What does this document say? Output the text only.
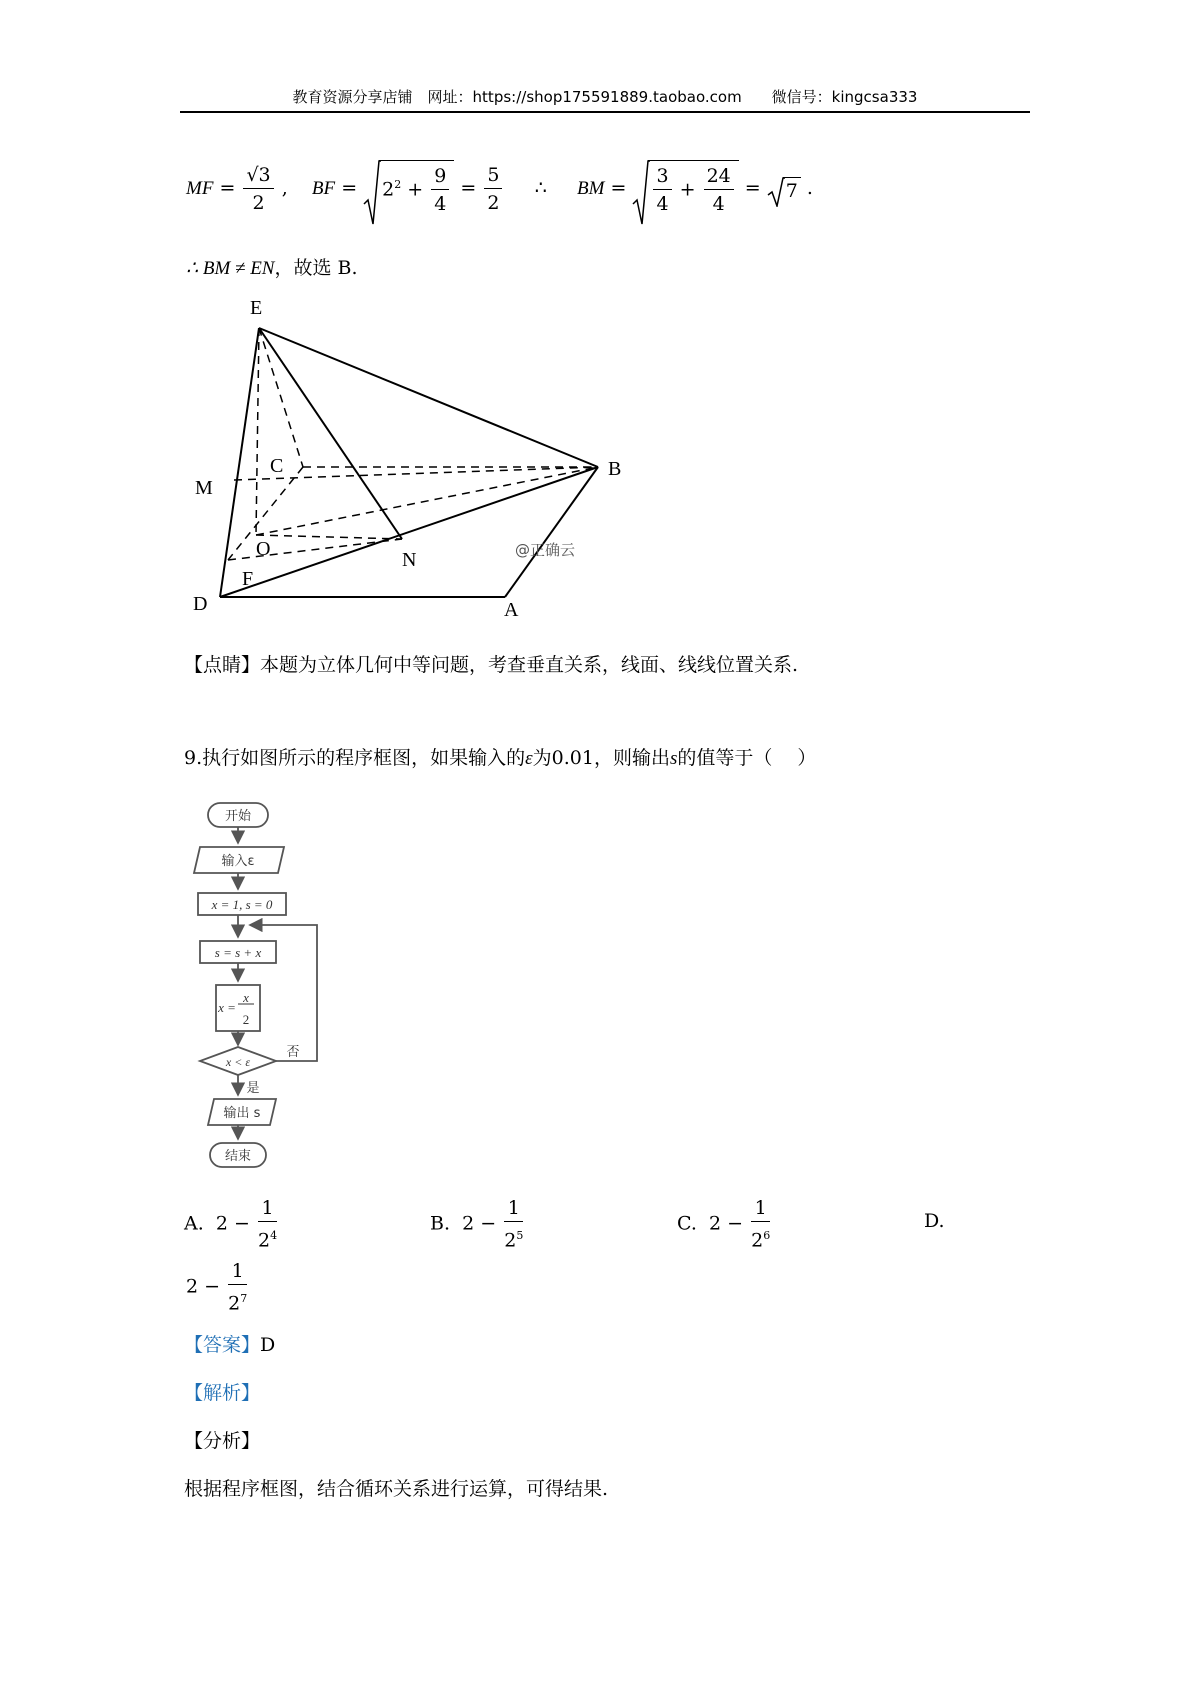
教育资源分享店铺　网址：https://shop175591889.taobao.com　　微信号：kingcsa333
MF = $\frac{√3}{2}$ ,    BF =
$2^2 + \frac{9}{4} = \frac{5}{2}$ ∴ BM = $\frac{3}{4} + \frac{24}{4}$ =
7 .
∴ BM ≠ EN，故选 B.
E
C	B
M
O	N
F
D	A
@正确云
【点睛】本题为立体几何中等问题，考查垂直关系，线面、线线位置关系.
9.执行如图所示的程序框图，如果输入的ε为0.01，则输出s的值等于（　 ）
开始
输入ε
x = 1, s = 0
s = s + x
x =
x
2
x < ε
否
是
输出 s
结束
A. $2 - \frac{1}{2^4}$	B. $2 - \frac{1}{2^5}$	C. $2 - \frac{1}{2^6}$	D.
$2 - \frac{1}{2^7}$
【答案】D
【解析】
【分析】
根据程序框图，结合循环关系进行运算，可得结果.
